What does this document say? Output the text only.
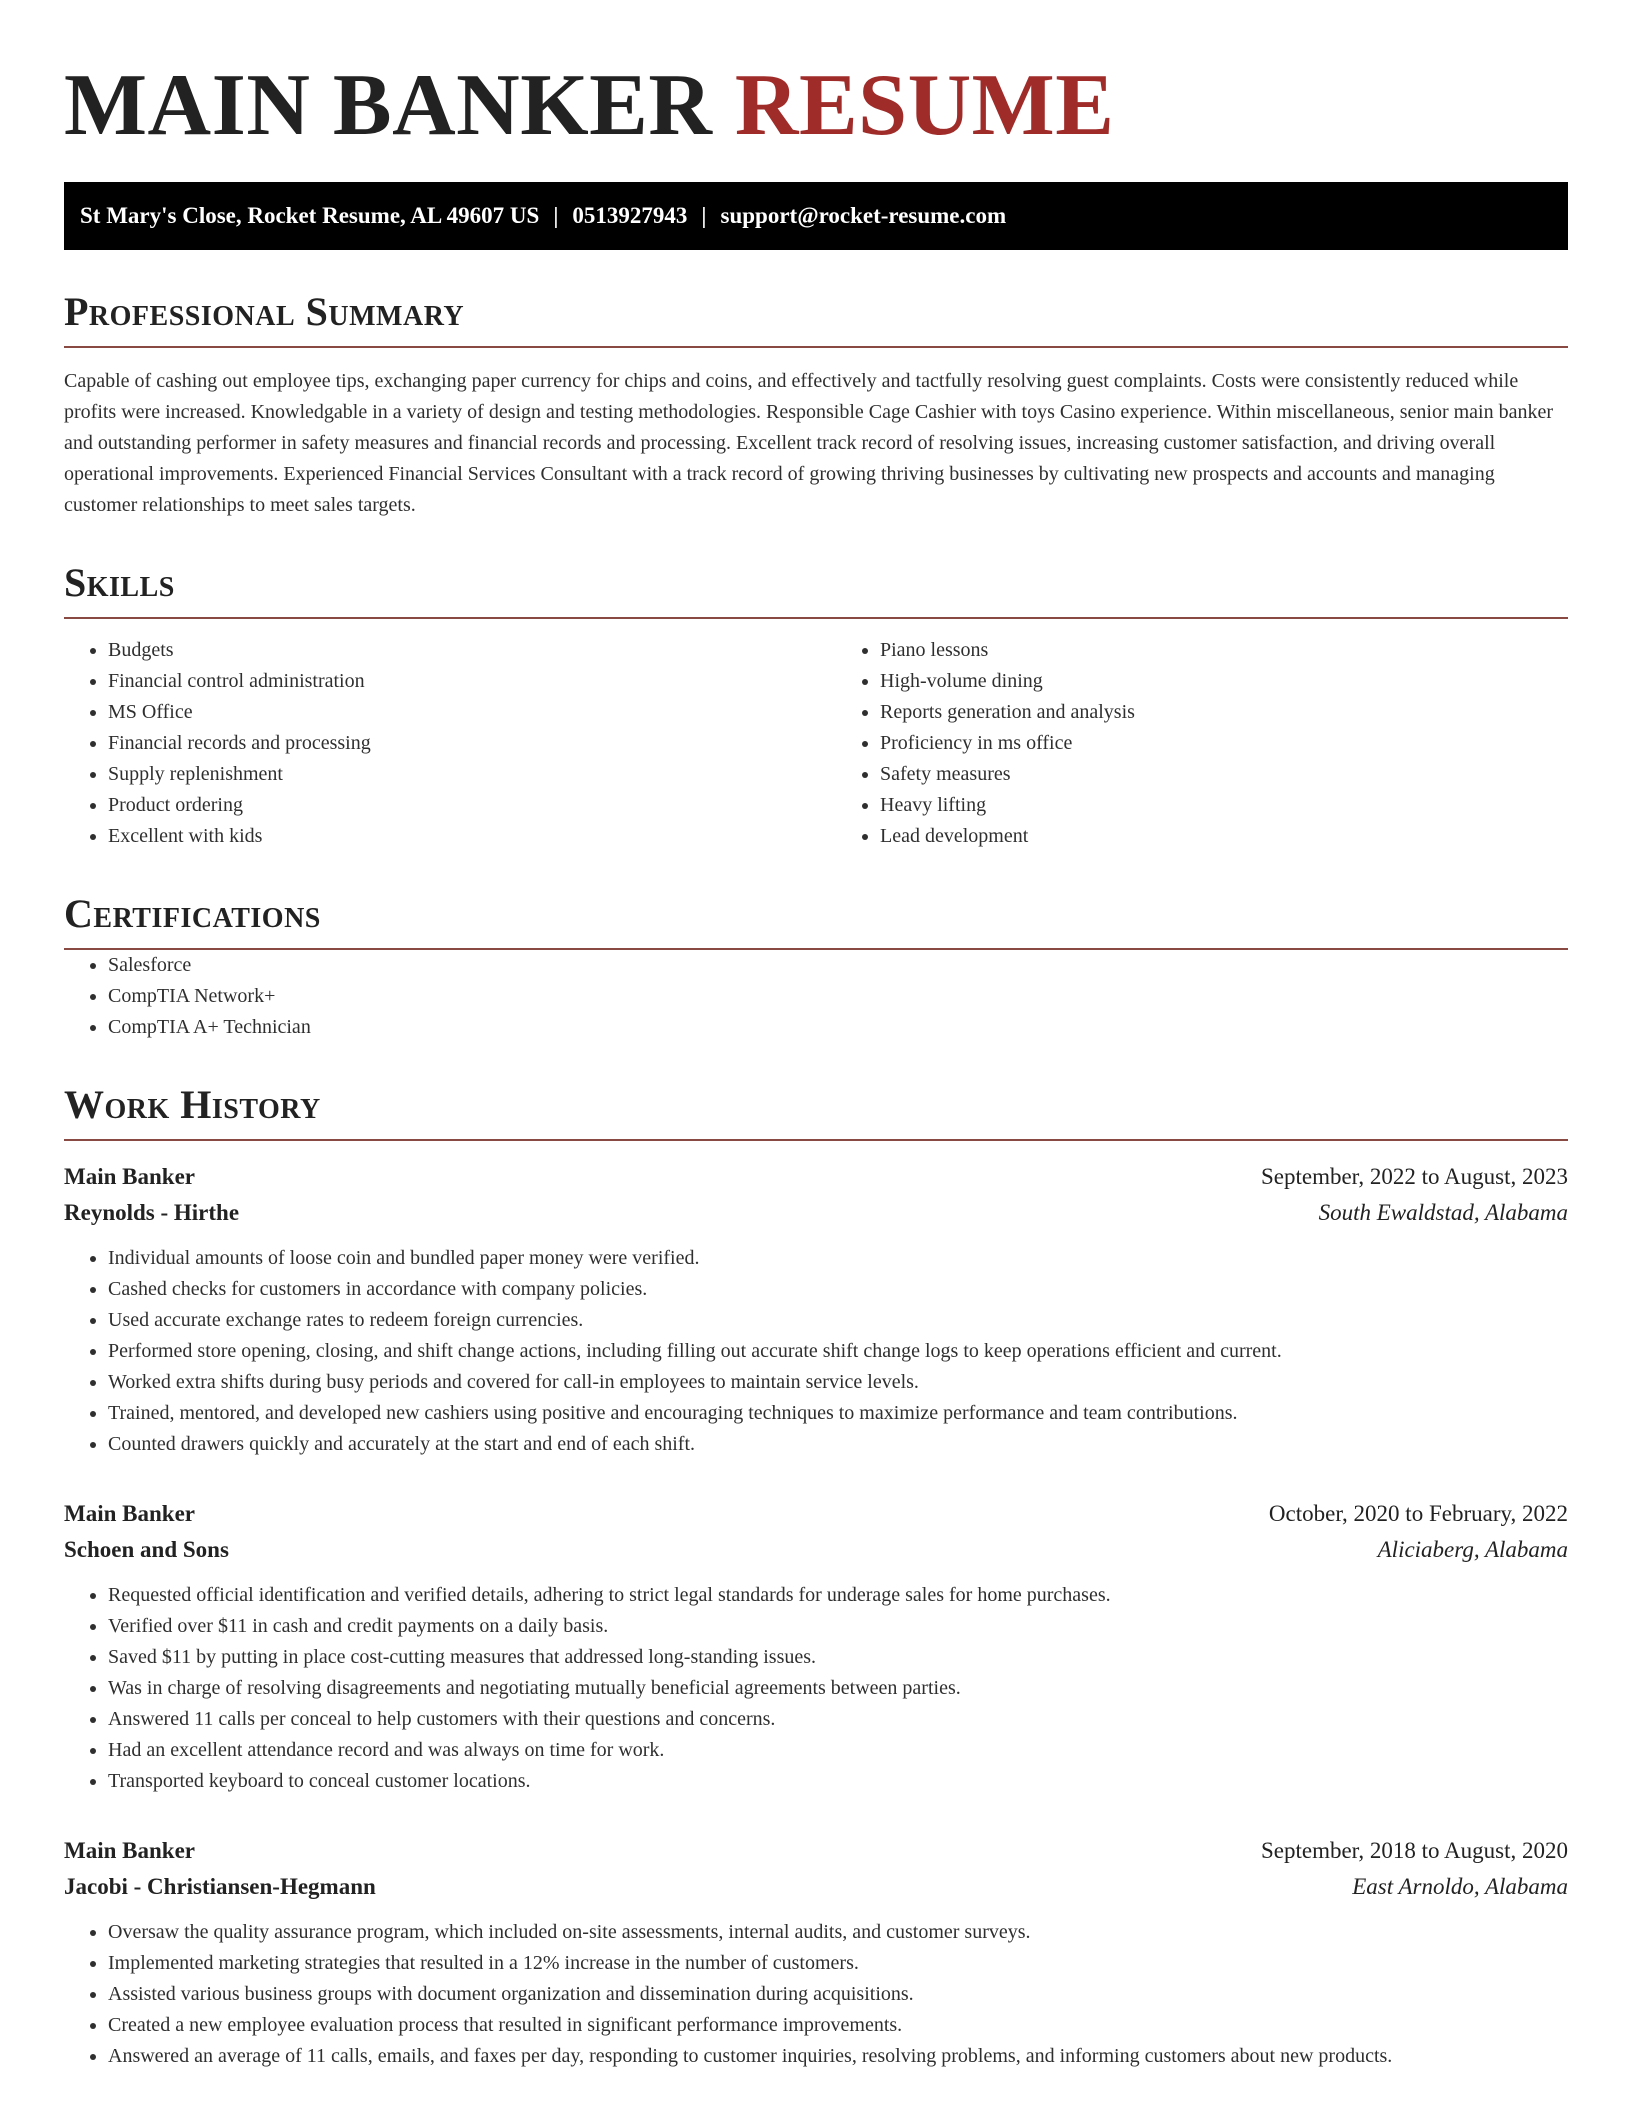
MAIN BANKER RESUME
St Mary's Close, Rocket Resume, AL 49607 US | 0513927943 | support@rocket-resume.com
Professional Summary

Capable of cashing out employee tips, exchanging paper currency for chips and coins, and effectively and tactfully resolving guest complaints. Costs were consistently reduced while profits were increased. Knowledgable in a variety of design and testing methodologies. Responsible Cage Cashier with toys Casino experience. Within miscellaneous, senior main banker and outstanding performer in safety measures and financial records and processing. Excellent track record of resolving issues, increasing customer satisfaction, and driving overall operational improvements. Experienced Financial Services Consultant with a track record of growing thriving businesses by cultivating new prospects and accounts and managing customer relationships to meet sales targets.

Skills
• Budgets
• Financial control administration
• MS Office
• Financial records and processing
• Supply replenishment
• Product ordering
• Excellent with kids
• Piano lessons
• High-volume dining
• Reports generation and analysis
• Proficiency in ms office
• Safety measures
• Heavy lifting
• Lead development
Certifications
• Salesforce
• CompTIA Network+
• CompTIA A+ Technician
Work History
Main Banker	September, 2022 to August, 2023
Reynolds - Hirthe	South Ewaldstad, Alabama
• Individual amounts of loose coin and bundled paper money were verified.
• Cashed checks for customers in accordance with company policies.
• Used accurate exchange rates to redeem foreign currencies.
• Performed store opening, closing, and shift change actions, including filling out accurate shift change logs to keep operations efficient and current.
• Worked extra shifts during busy periods and covered for call-in employees to maintain service levels.
• Trained, mentored, and developed new cashiers using positive and encouraging techniques to maximize performance and team contributions.
• Counted drawers quickly and accurately at the start and end of each shift.
Main Banker	October, 2020 to February, 2022
Schoen and Sons	Aliciaberg, Alabama
• Requested official identification and verified details, adhering to strict legal standards for underage sales for home purchases.
• Verified over $11 in cash and credit payments on a daily basis.
• Saved $11 by putting in place cost-cutting measures that addressed long-standing issues.
• Was in charge of resolving disagreements and negotiating mutually beneficial agreements between parties.
• Answered 11 calls per conceal to help customers with their questions and concerns.
• Had an excellent attendance record and was always on time for work.
• Transported keyboard to conceal customer locations.
Main Banker	September, 2018 to August, 2020
Jacobi - Christiansen-Hegmann	East Arnoldo, Alabama
• Oversaw the quality assurance program, which included on-site assessments, internal audits, and customer surveys.
• Implemented marketing strategies that resulted in a 12% increase in the number of customers.
• Assisted various business groups with document organization and dissemination during acquisitions.
• Created a new employee evaluation process that resulted in significant performance improvements.
• Answered an average of 11 calls, emails, and faxes per day, responding to customer inquiries, resolving problems, and informing customers about new products.
